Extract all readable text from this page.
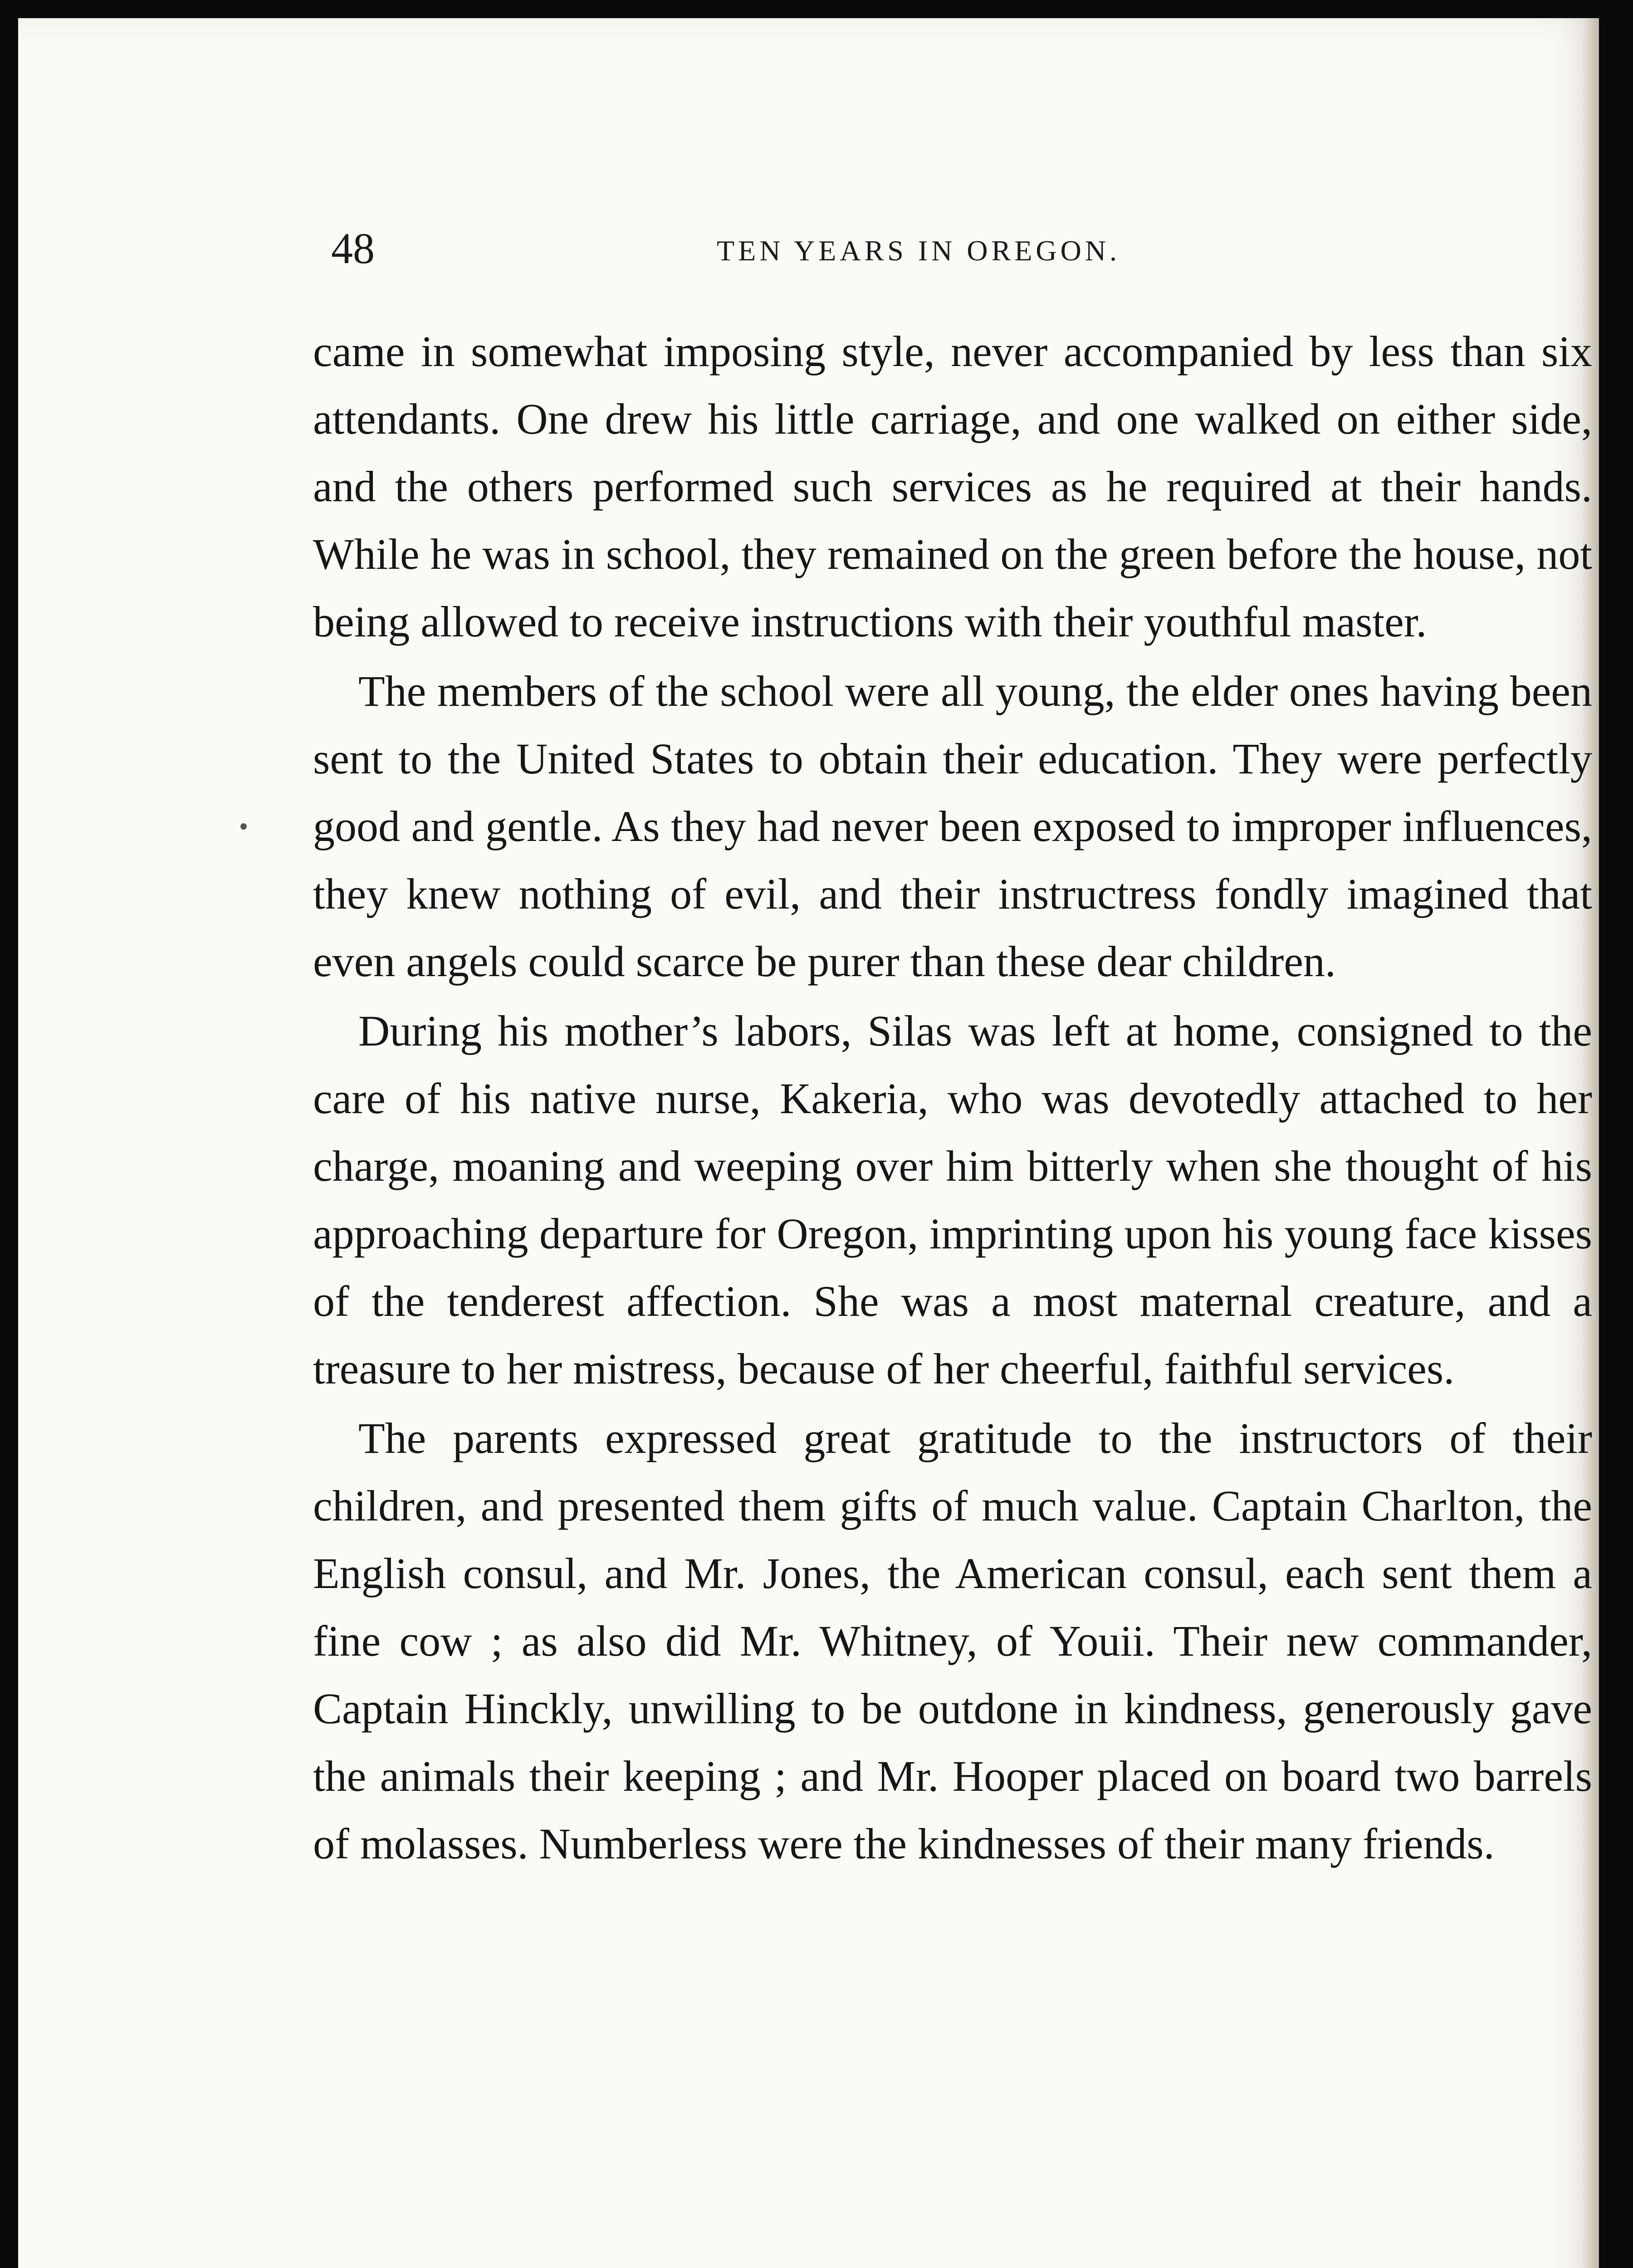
48	TEN YEARS IN OREGON.

came in somewhat imposing style, never accompanied by less than six attendants. One drew his little carriage, and one walked on either side, and the others performed such services as he required at their hands. While he was in school, they remained on the green before the house, not being allowed to receive instructions with their youthful master.

The members of the school were all young, the elder ones having been sent to the United States to obtain their education. They were perfectly good and gentle. As they had never been exposed to improper influences, they knew nothing of evil, and their instructress fondly imagined that even angels could scarce be purer than these dear children.

During his mother’s labors, Silas was left at home, consigned to the care of his native nurse, Kakeria, who was devotedly attached to her charge, moaning and weeping over him bitterly when she thought of his approaching departure for Oregon, imprinting upon his young face kisses of the tenderest affection. She was a most maternal creature, and a treasure to her mistress, because of her cheerful, faithful services.

The parents expressed great gratitude to the instructors of their children, and presented them gifts of much value. Captain Charlton, the English consul, and Mr. Jones, the American consul, each sent them a fine cow ; as also did Mr. Whitney, of Youii. Their new commander, Captain Hinckly, unwilling to be outdone in kindness, generously gave the animals their keeping ; and Mr. Hooper placed on board two barrels of molasses. Numberless were the kindnesses of their many friends.
